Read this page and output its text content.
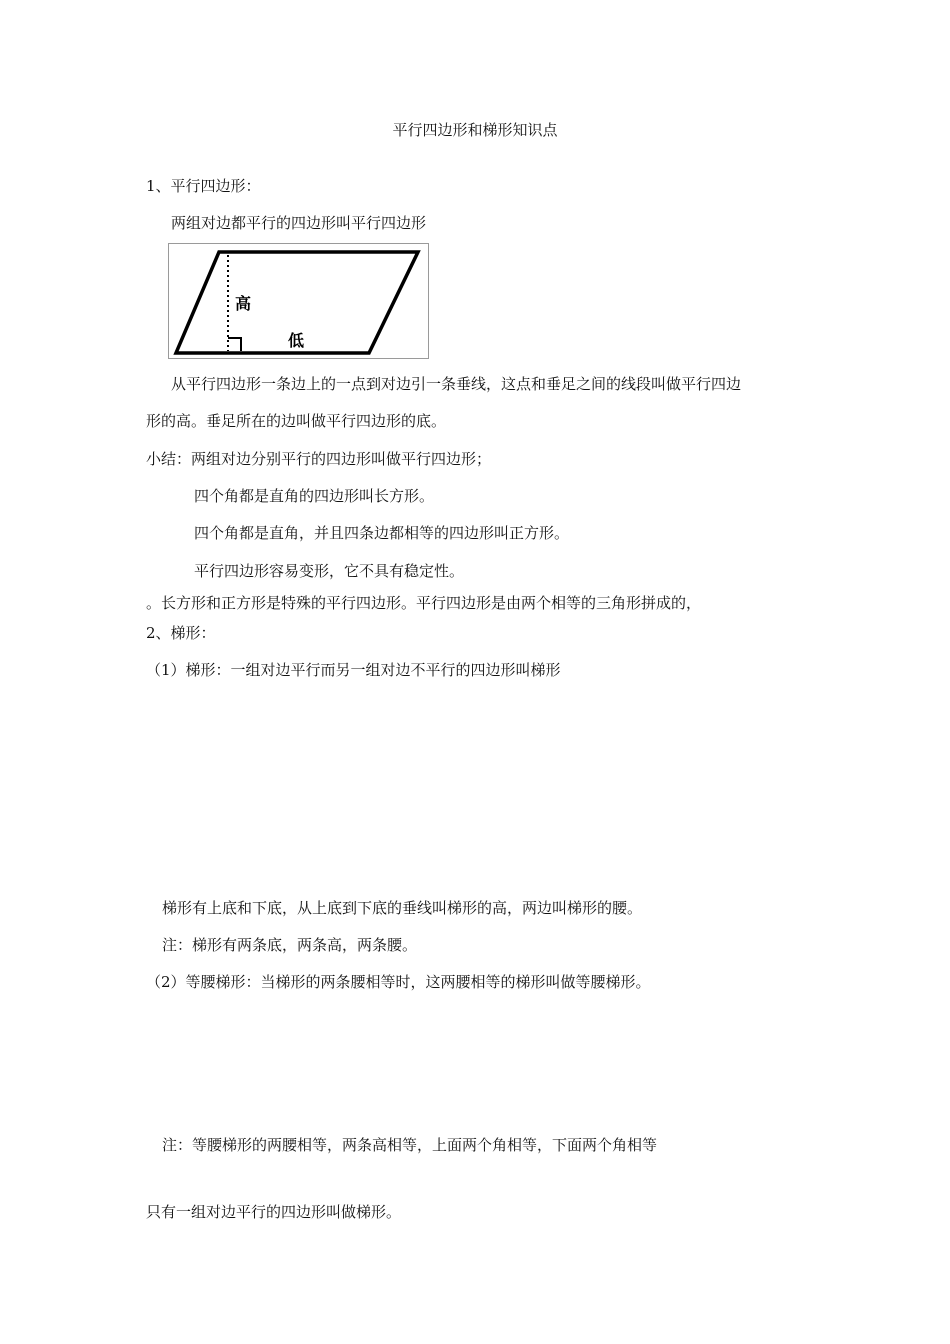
平行四边形和梯形知识点
1、平行四边形：
两组对边都平行的四边形叫平行四边形
高
低
从平行四边形一条边上的一点到对边引一条垂线，这点和垂足之间的线段叫做平行四边
形的高。垂足所在的边叫做平行四边形的底。
小结：两组对边分别平行的四边形叫做平行四边形；
四个角都是直角的四边形叫长方形。
四个角都是直角，并且四条边都相等的四边形叫正方形。
平行四边形容易变形，它不具有稳定性。
。长方形和正方形是特殊的平行四边形。平行四边形是由两个相等的三角形拼成的，
2、梯形：
（1）梯形：一组对边平行而另一组对边不平行的四边形叫梯形
梯形有上底和下底，从上底到下底的垂线叫梯形的高，两边叫梯形的腰。
注：梯形有两条底，两条高，两条腰。
（2）等腰梯形：当梯形的两条腰相等时，这两腰相等的梯形叫做等腰梯形。
注：等腰梯形的两腰相等，两条高相等，上面两个角相等，下面两个角相等
只有一组对边平行的四边形叫做梯形。
